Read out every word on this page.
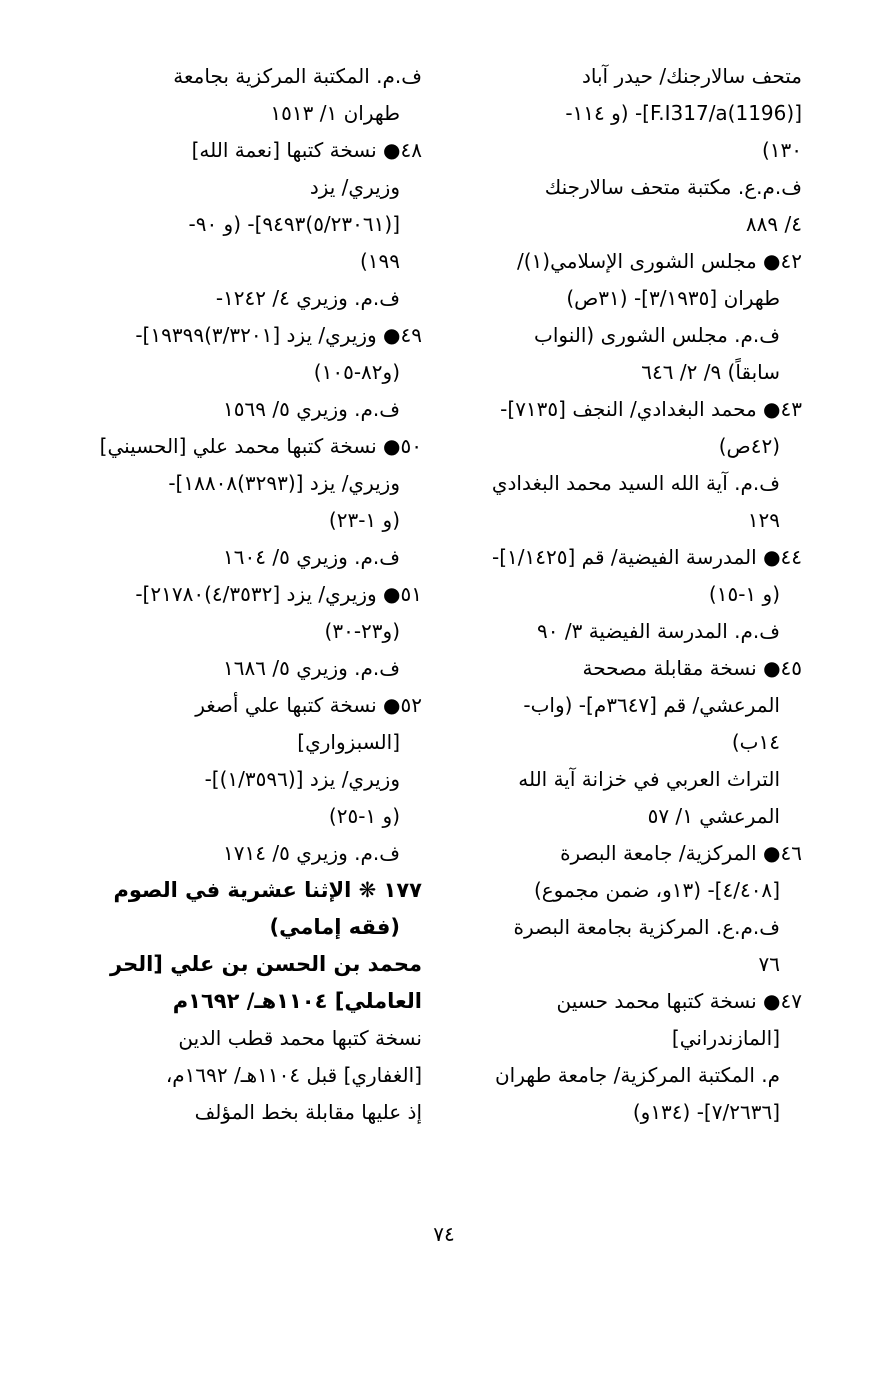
متحف سالارجنك/ حيدر آباد
[F.I317/a(1196)]- (و ١١٤-
١٣٠)
ف.م.ع. مكتبة متحف سالارجنك
٤/ ٨٨٩
٤٢● مجلس الشورى الإسلامي(١)/
طهران [٣/١٩٣٥]- (٣١ص)
ف.م. مجلس الشورى (النواب
سابقاً) ٩/ ٢/ ٦٤٦
٤٣● محمد البغدادي/ النجف [٧١٣٥]-
(٤٢ص)
ف.م. آية الله السيد محمد البغدادي
١٢٩
٤٤● المدرسة الفيضية/ قم [١/١٤٢٥]-
(و ١-١٥)
ف.م. المدرسة الفيضية ٣/ ٩٠
٤٥● نسخة مقابلة مصححة
المرعشي/ قم [٣٦٤٧م]- (واب-
١٤ب)
التراث العربي في خزانة آية الله
المرعشي ١/ ٥٧
٤٦● المركزية/ جامعة البصرة
[٤/٤٠٨]- (١٣و، ضمن مجموع)
ف.م.ع. المركزية بجامعة البصرة
٧٦
٤٧● نسخة كتبها محمد حسين
[المازندراني]
م. المكتبة المركزية/ جامعة طهران
[٧/٢٦٣٦]- (١٣٤و)
ف.م. المكتبة المركزية بجامعة
طهران ١/ ١٥١٣
٤٨● نسخة كتبها [نعمة الله]
وزيري/ يزد
[(٥/٢٣٠٦١)٩٤٩٣]- (و ٩٠-
١٩٩)
ف.م. وزيري ٤/ ١٢٤٢-
٤٩● وزيري/ يزد [٣/٣٢٠١)١٩٣٩٩]-
(و٨٢-١٠٥)
ف.م. وزيري ٥/ ١٥٦٩
٥٠● نسخة كتبها محمد علي [الحسيني]
وزيري/ يزد [(٣٢٩٣)١٨٨٠٨]-
(و ١-٢٣)
ف.م. وزيري ٥/ ١٦٠٤
٥١● وزيري/ يزد [٤/٣٥٣٢)٢١٧٨٠]-
(و٢٣-٣٠)
ف.م. وزيري ٥/ ١٦٨٦
٥٢● نسخة كتبها علي أصغر
[السبزواري]
وزيري/ يزد [(١/٣٥٩٦)]-
(و ١-٢٥)
ف.م. وزيري ٥/ ١٧١٤
١٧٧ ❋ الإثنا عشرية في الصوم
(فقه إمامي)
محمد بن الحسن بن علي [الحر
العاملي] ١١٠٤هـ/ ١٦٩٢م
نسخة كتبها محمد قطب الدين
[الغفاري] قبل ١١٠٤هـ/ ١٦٩٢م،
إذ عليها مقابلة بخط المؤلف
٧٤
